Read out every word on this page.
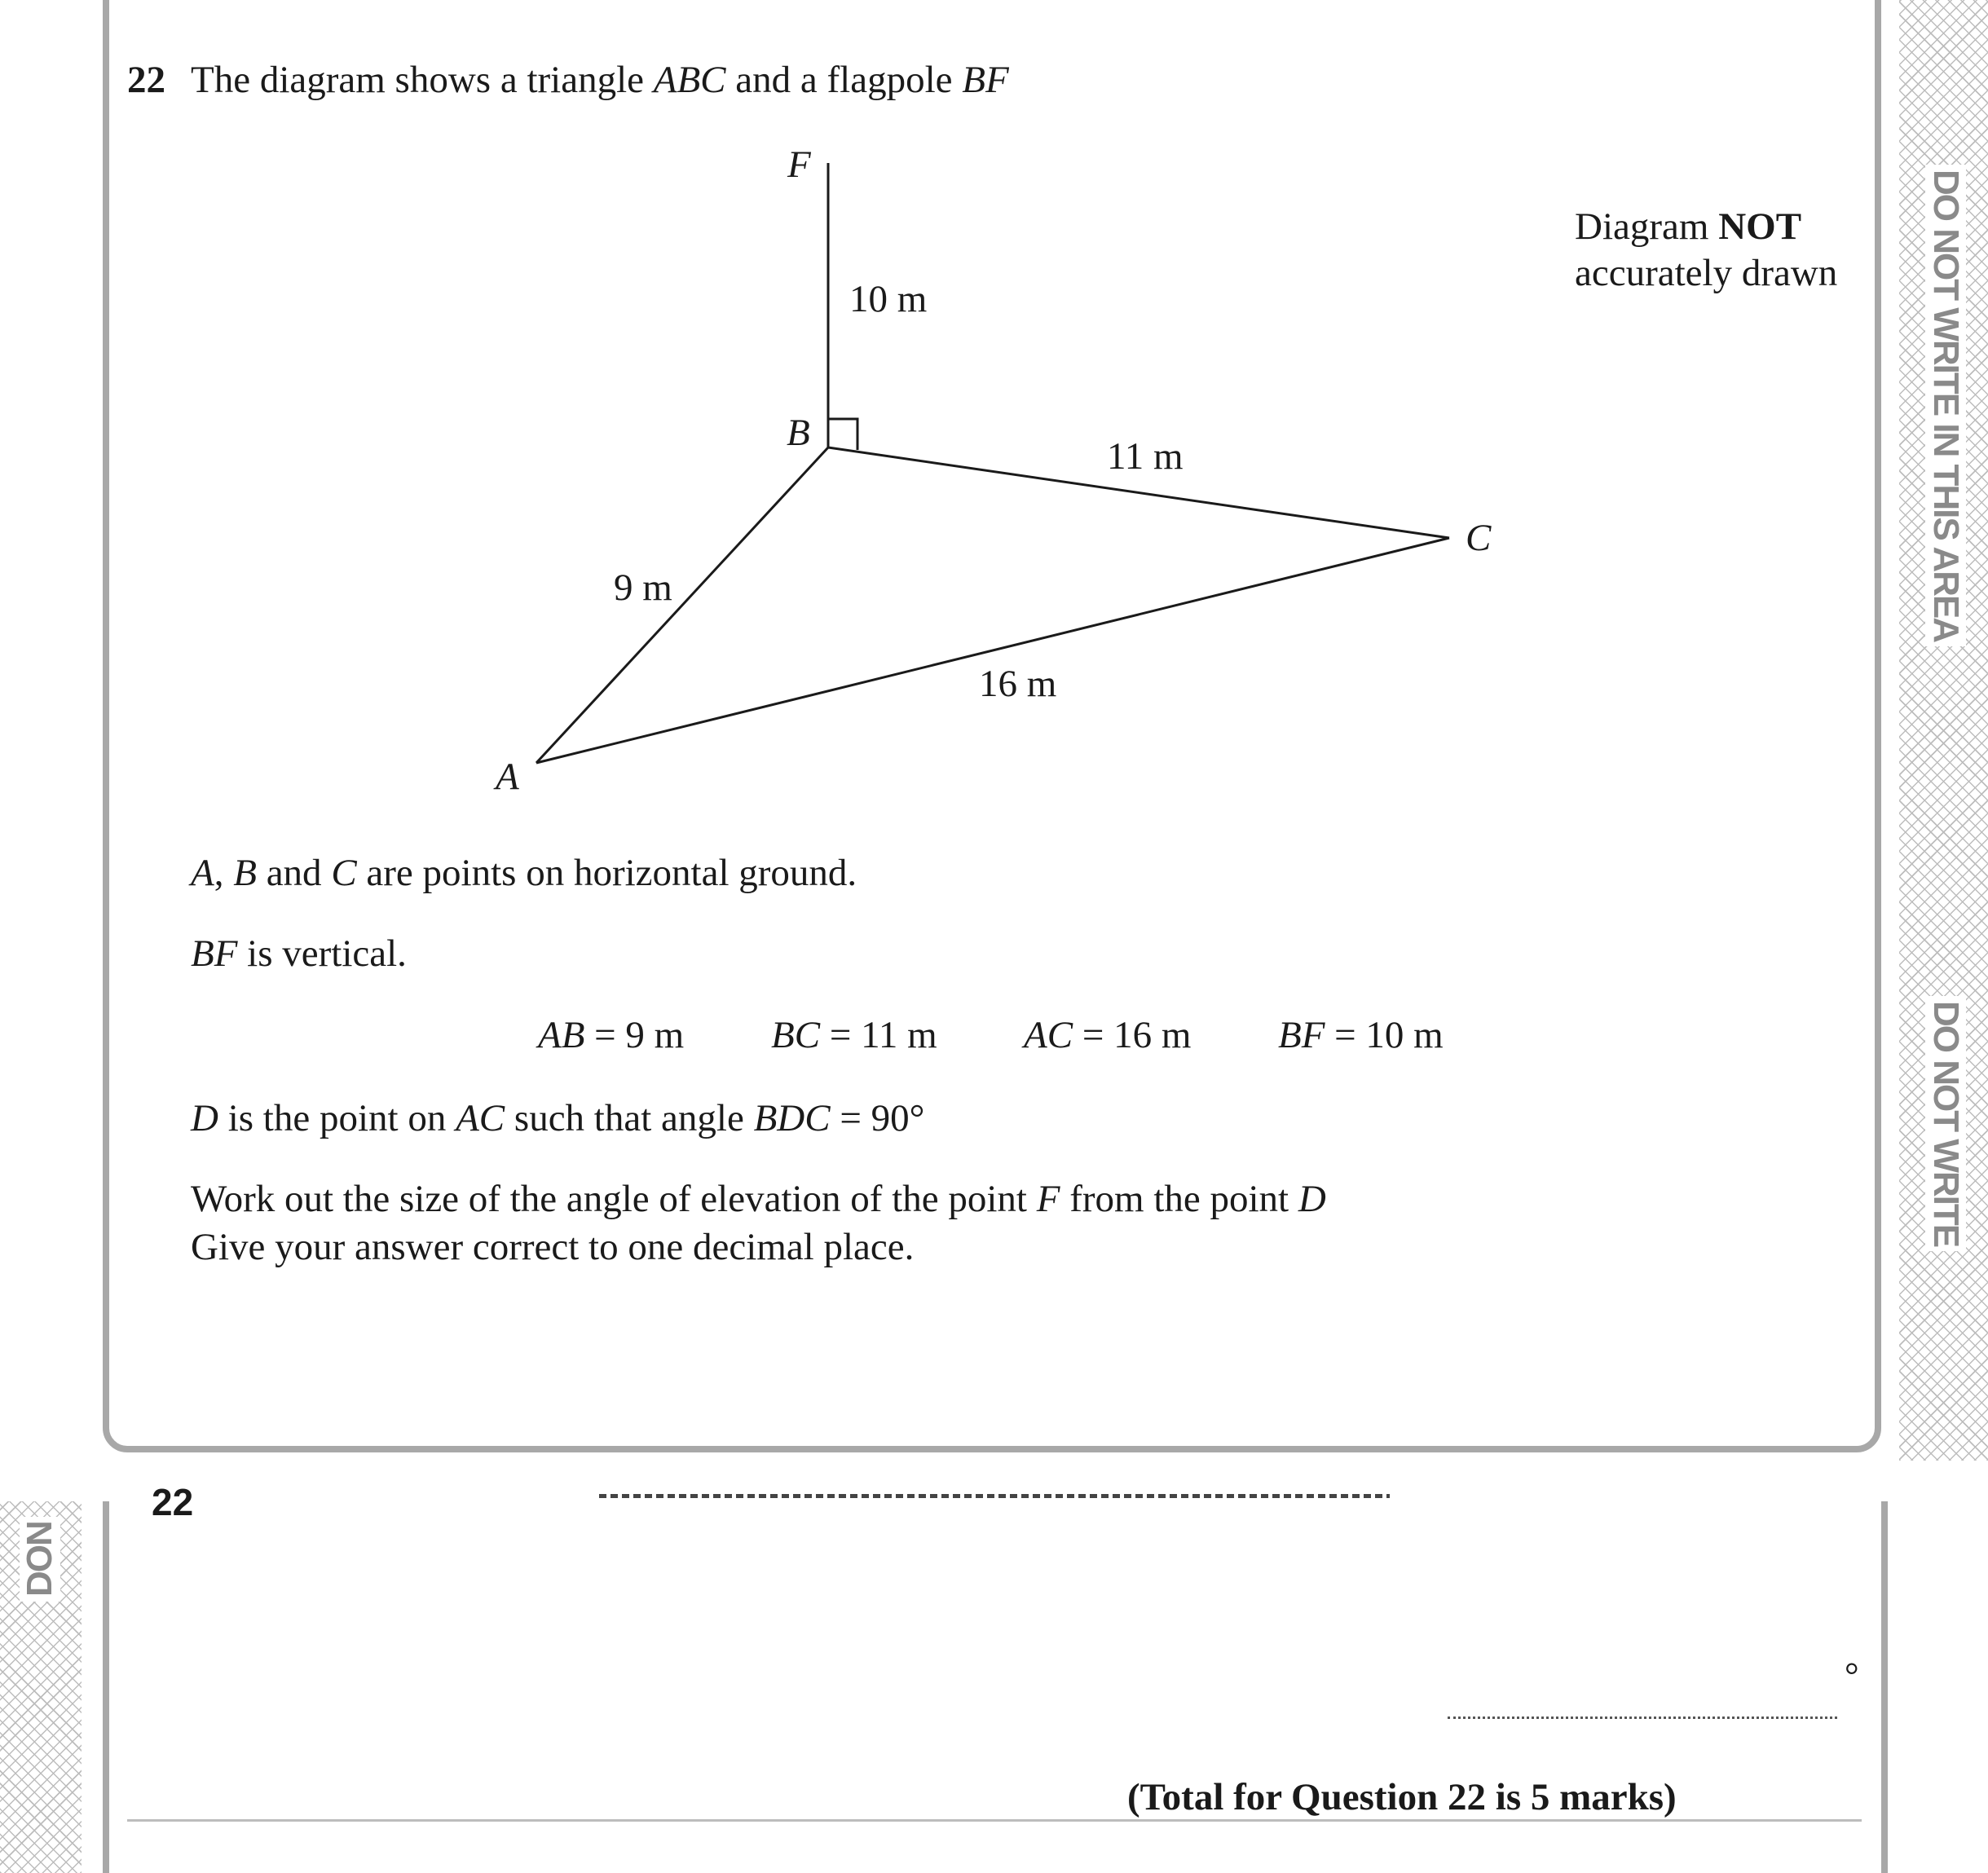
DO NOT WRITE IN THIS AREA
DO NOT WRITE
DON
22 The diagram shows a triangle ABC and a flagpole BF
F
B
C
A
10 m
11 m
9 m
16 m
Diagram NOT
accurately drawn
A, B and C are points on horizontal ground.
BF is vertical.
AB = 9 m BC = 11 m AC = 16 m BF = 10 m
D is the point on AC such that angle BDC = 90°
Work out the size of the angle of elevation of the point F from the point D
Give your answer correct to one decimal place.
22
°
(Total for Question 22 is 5 marks)
